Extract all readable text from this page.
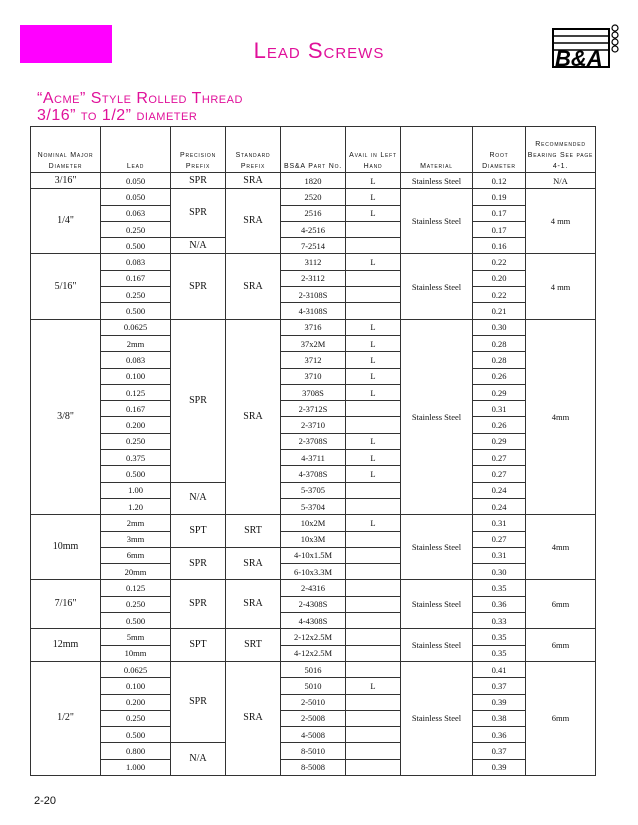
Lead Screws	B&A
“Acme” Style Rolled Thread
3/16” to 1/2” diameter
Nominal Major Diameter	Lead	Precision Prefix	Standard Prefix	BS&A Part No.	Avail in Left Hand	Material	Root Diameter	Recommended Bearing See page 4-1.
3/16"	0.050	SPR	SRA	1820	L	Stainless Steel	0.12	N/A
1/4"	0.050	SPR	SRA	2520	L	Stainless Steel	0.19	4 mm
	0.063			2516	L		0.17	
	0.250			4-2516			0.17	
	0.500	N/A		7-2514			0.16	
5/16"	0.083	SPR	SRA	3112	L	Stainless Steel	0.22	4 mm
	0.167			2-3112			0.20	
	0.250			2-3108S			0.22	
	0.500			4-3108S			0.21	
3/8"	0.0625	SPR	SRA	3716	L	Stainless Steel	0.30	4mm
	2mm			37x2M	L		0.28	
	0.083			3712	L		0.28	
	0.100			3710	L		0.26	
	0.125			3708S	L		0.29	
	0.167			2-3712S			0.31	
	0.200			2-3710			0.26	
	0.250			2-3708S	L		0.29	
	0.375			4-3711	L		0.27	
	0.500			4-3708S	L		0.27	
	1.00	N/A		5-3705			0.24	
	1.20			5-3704			0.24	
10mm	2mm	SPT	SRT	10x2M	L	Stainless Steel	0.31	4mm
	3mm			10x3M			0.27	
	6mm	SPR	SRA	4-10x1.5M			0.31	
	20mm			6-10x3.3M			0.30	
7/16"	0.125	SPR	SRA	2-4316		Stainless Steel	0.35	6mm
	0.250			2-4308S			0.36	
	0.500			4-4308S			0.33	
12mm	5mm	SPT	SRT	2-12x2.5M		Stainless Steel	0.35	6mm
	10mm			4-12x2.5M			0.35	
1/2"	0.0625	SPR	SRA	5016		Stainless Steel	0.41	6mm
	0.100			5010	L		0.37	
	0.200			2-5010			0.39	
	0.250			2-5008			0.38	
	0.500			4-5008			0.36	
	0.800	N/A		8-5010			0.37	
	1.000			8-5008			0.39	
2-20
